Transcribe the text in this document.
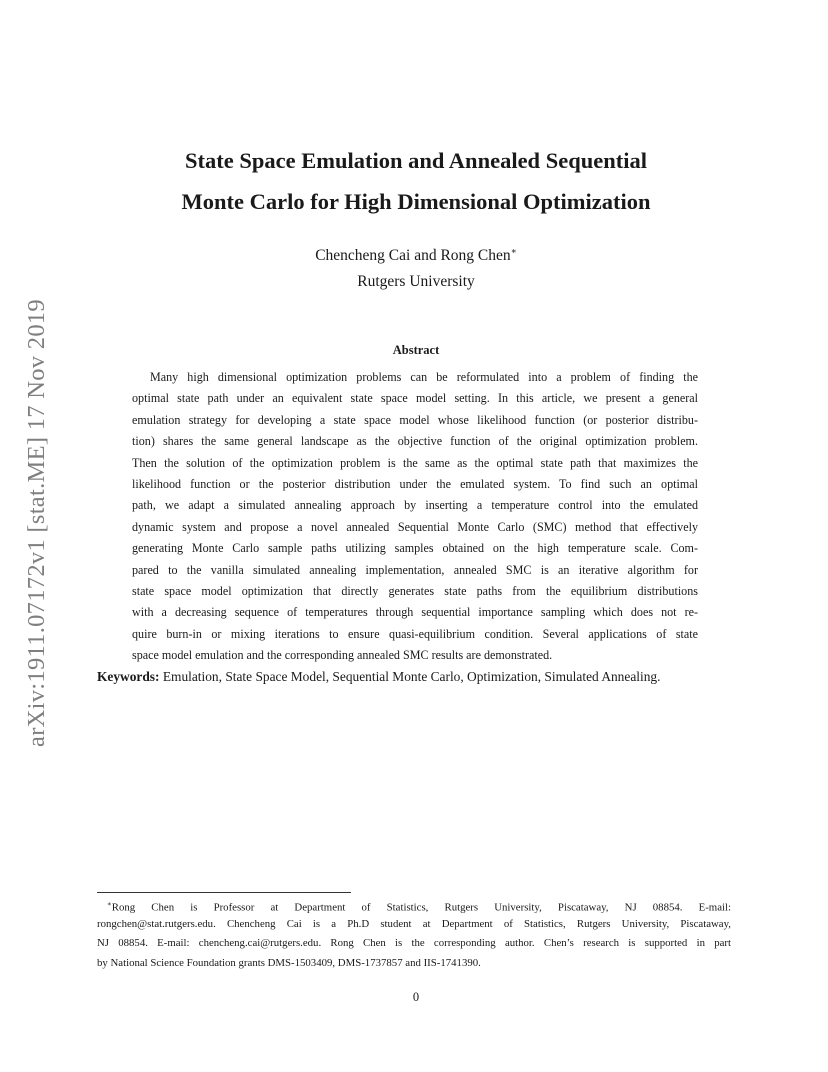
arXiv:1911.07172v1 [stat.ME] 17 Nov 2019
State Space Emulation and Annealed Sequential
Monte Carlo for High Dimensional Optimization
Chencheng Cai and Rong Chen∗
Rutgers University
Abstract
Many high dimensional optimization problems can be reformulated into a problem of finding the
optimal state path under an equivalent state space model setting. In this article, we present a general
emulation strategy for developing a state space model whose likelihood function (or posterior distribu-
tion) shares the same general landscape as the objective function of the original optimization problem.
Then the solution of the optimization problem is the same as the optimal state path that maximizes the
likelihood function or the posterior distribution under the emulated system. To find such an optimal
path, we adapt a simulated annealing approach by inserting a temperature control into the emulated
dynamic system and propose a novel annealed Sequential Monte Carlo (SMC) method that effectively
generating Monte Carlo sample paths utilizing samples obtained on the high temperature scale. Com-
pared to the vanilla simulated annealing implementation, annealed SMC is an iterative algorithm for
state space model optimization that directly generates state paths from the equilibrium distributions
with a decreasing sequence of temperatures through sequential importance sampling which does not re-
quire burn-in or mixing iterations to ensure quasi-equilibrium condition. Several applications of state
space model emulation and the corresponding annealed SMC results are demonstrated.
Keywords: Emulation, State Space Model, Sequential Monte Carlo, Optimization, Simulated Annealing.
∗Rong Chen is Professor at Department of Statistics, Rutgers University, Piscataway, NJ 08854. E-mail:
rongchen@stat.rutgers.edu. Chencheng Cai is a Ph.D student at Department of Statistics, Rutgers University, Piscataway,
NJ 08854. E-mail: chencheng.cai@rutgers.edu. Rong Chen is the corresponding author. Chen’s research is supported in part
by National Science Foundation grants DMS-1503409, DMS-1737857 and IIS-1741390.
0
